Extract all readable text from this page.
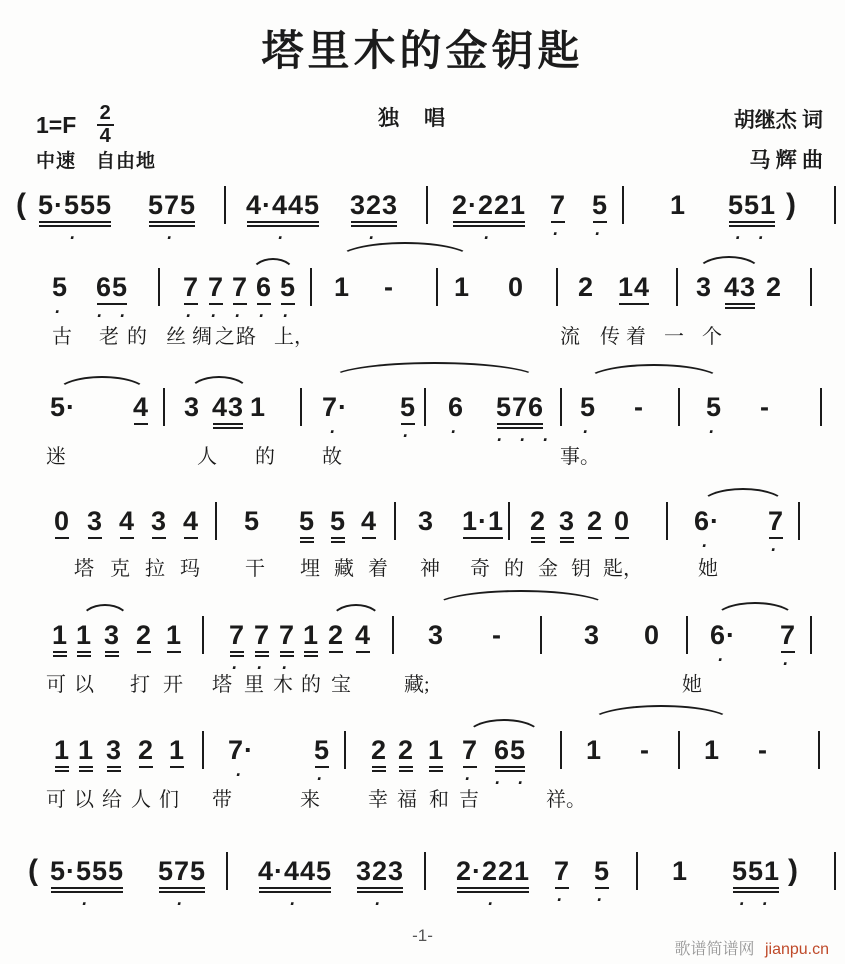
塔里木的金钥匙
独　唱	胡继杰 词
马 辉 曲
$1=F \frac{2}{4}$
中速　自由地
( 5·555
·
575
·
4·445
·
323
·
2·221
·
7
·
5
·
1 551
· ·
)
5
·
65
· ·
7
·
7
·
7
·
6
·
5
·
1 - 1 0 2 14 3 43 2
古 老 的 丝 绸 之 路 上，	流 传 着 一 个
5· 4 3 43 1 7·
·
5
·
6
·
576
· · ·
5
·
- 5
·
-
迷	人 的 故	事。
0 3 4 3 4 5 5 5 4 3 1·1 2 3 2 0 6·
·
7
·
塔 克 拉 玛 干 埋 藏 着 神 奇 的 金 钥 匙，	她
1 1 3 2 1 7
·
7
·
7
·
1 2 4 3 -	3 0 6·
·
7
·
可 以 打 开 塔 里 木 的 宝	藏;	她
1 1 3 2 1 7·
·
5
·
2 2 1 7
·
65
· ·
1 - 1 -
可 以 给 人 们 带	来 幸 福 和 吉	祥。
( 5·555
·
575
·
4·445
·
323
·
2·221
·
7
·
5
·
1 551
· ·
)
-1-
歌谱简谱网 jianpu.cn
